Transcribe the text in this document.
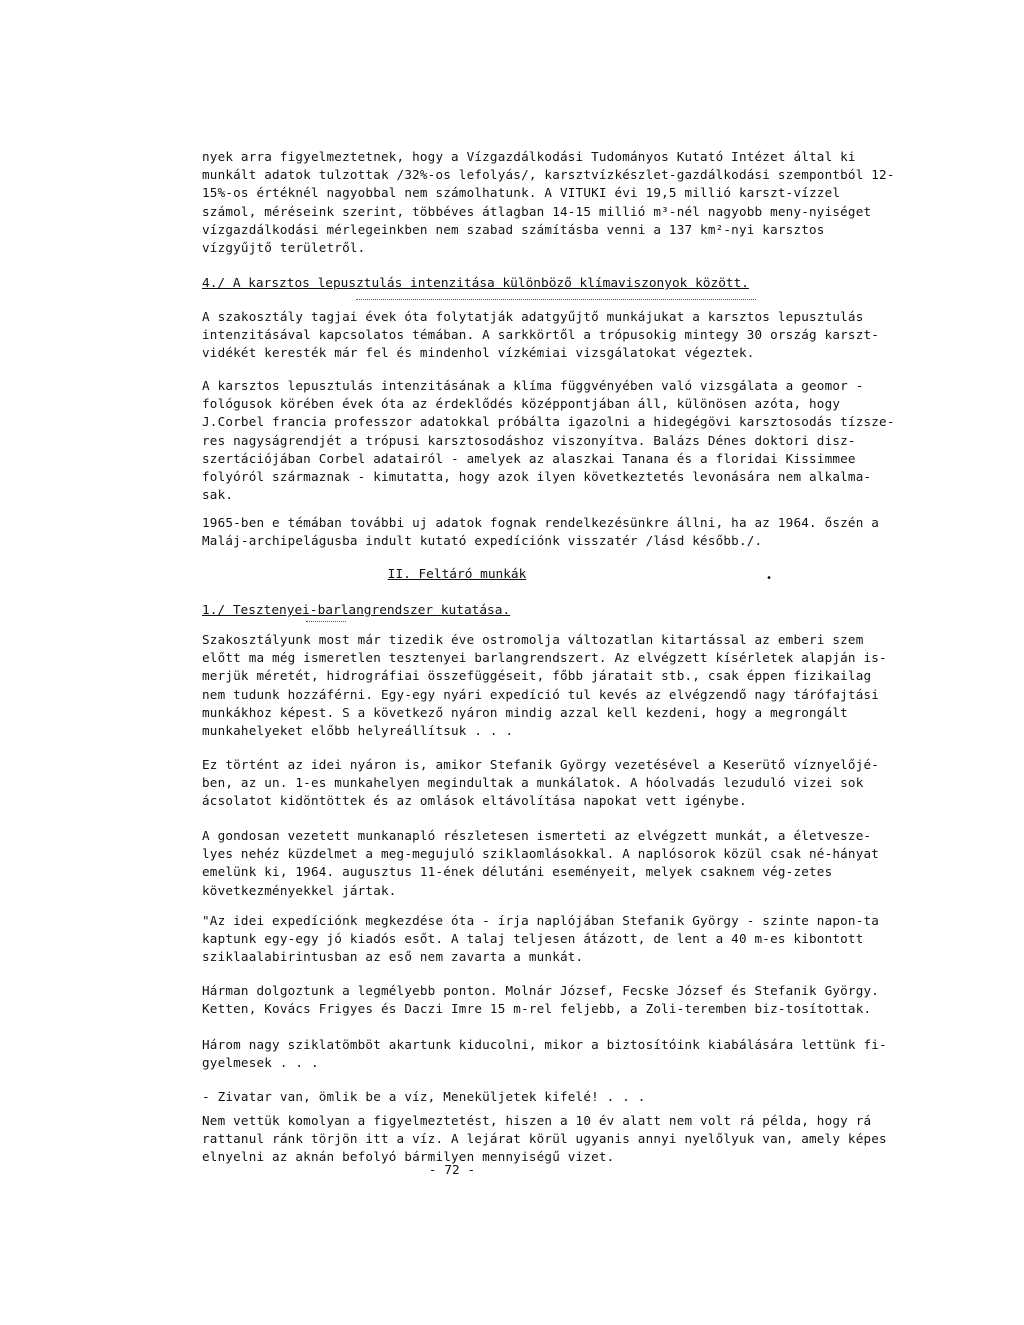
nyek arra figyelmeztetnek, hogy a Vízgazdálkodási Tudományos Kutató Intézet által ki munkált adatok tulzottak /32%-os lefolyás/, karsztvízkészlet-gazdálkodási szempontból 12-15%-os értéknél nagyobbal nem számolhatunk. A VITUKI évi 19,5 millió karszt-vízzel számol, méréseink szerint, többéves átlagban 14-15 millió m³-nél nagyobb meny-nyiséget vízgazdálkodási mérlegeinkben nem szabad számításba venni a 137 km²-nyi karsztos vízgyűjtő területről.
4./ A karsztos lepusztulás intenzitása különböző klímaviszonyok között.
A szakosztály tagjai évek óta folytatják adatgyűjtő munkájukat a karsztos lepusztulás intenzitásával kapcsolatos témában. A sarkkörtől a trópusokig mintegy 30 ország karszt-vidékét keresték már fel és mindenhol vízkémiai vizsgálatokat végeztek.
A karsztos lepusztulás intenzitásának a klíma függvényében való vizsgálata a geomor - fológusok körében évek óta az érdeklődés középpontjában áll, különösen azóta, hogy J.Corbel francia professzor adatokkal próbálta igazolni a hidegégövi karsztosodás tízsze-res nagyságrendjét a trópusi karsztosodáshoz viszonyítva. Balázs Dénes doktori disz-szertációjában Corbel adatairól - amelyek az alaszkai Tanana és a floridai Kissimmee folyóról származnak - kimutatta, hogy azok ilyen következtetés levonására nem alkalma-sak.
1965-ben e témában további uj adatok fognak rendelkezésünkre állni, ha az 1964. őszén a Maláj-archipelágusba indult kutató expedíciónk visszatér /lásd később./.
II. Feltáró munkák	•
1./ Tesztenyei-barlangrendszer kutatása.
Szakosztályunk most már tizedik éve ostromolja változatlan kitartással az emberi szem előtt ma még ismeretlen tesztenyei barlangrendszert. Az elvégzett kísérletek alapján is-merjük méretét, hidrográfiai összefüggéseit, főbb járatait stb., csak éppen fizikailag nem tudunk hozzáférni. Egy-egy nyári expedíció tul kevés az elvégzendő nagy tárófajtási munkákhoz képest. S a következő nyáron mindig azzal kell kezdeni, hogy a megrongált munkahelyeket előbb helyreállítsuk . . .
Ez történt az idei nyáron is, amikor Stefanik György vezetésével a Keserütő víznyelőjé-ben, az un. 1-es munkahelyen megindultak a munkálatok. A hóolvadás lezuduló vizei sok ácsolatot kidöntöttek és az omlások eltávolítása napokat vett igénybe.
A gondosan vezetett munkanapló részletesen ismerteti az elvégzett munkát, a életvesze-lyes nehéz küzdelmet a meg-megujuló sziklaomlásokkal. A naplósorok közül csak né-hányat emelünk ki, 1964. augusztus 11-ének délutáni eseményeit, melyek csaknem vég-zetes következményekkel jártak.
"Az idei expedíciónk megkezdése óta - írja naplójában Stefanik György - szinte napon-ta kaptunk egy-egy jó kiadós esőt. A talaj teljesen átázott, de lent a 40 m-es kibontott sziklaalabirintusban az eső nem zavarta a munkát.
Hárman dolgoztunk a legmélyebb ponton. Molnár József, Fecske József és Stefanik György. Ketten, Kovács Frigyes és Daczi Imre 15 m-rel feljebb, a Zoli-teremben biz-tosítottak.
Három nagy sziklatömböt akartunk kiducolni, mikor a biztosítóink kiabálására lettünk fi-gyelmesek . . .
- Zivatar van, ömlik be a víz, Meneküljetek kifelé! . . .
Nem vettük komolyan a figyelmeztetést, hiszen a 10 év alatt nem volt rá példa, hogy rá rattanul ránk törjön itt a víz. A lejárat körül ugyanis annyi nyelőlyuk van, amely képes elnyelni az aknán befolyó bármilyen mennyiségű vizet.
- 72 -
